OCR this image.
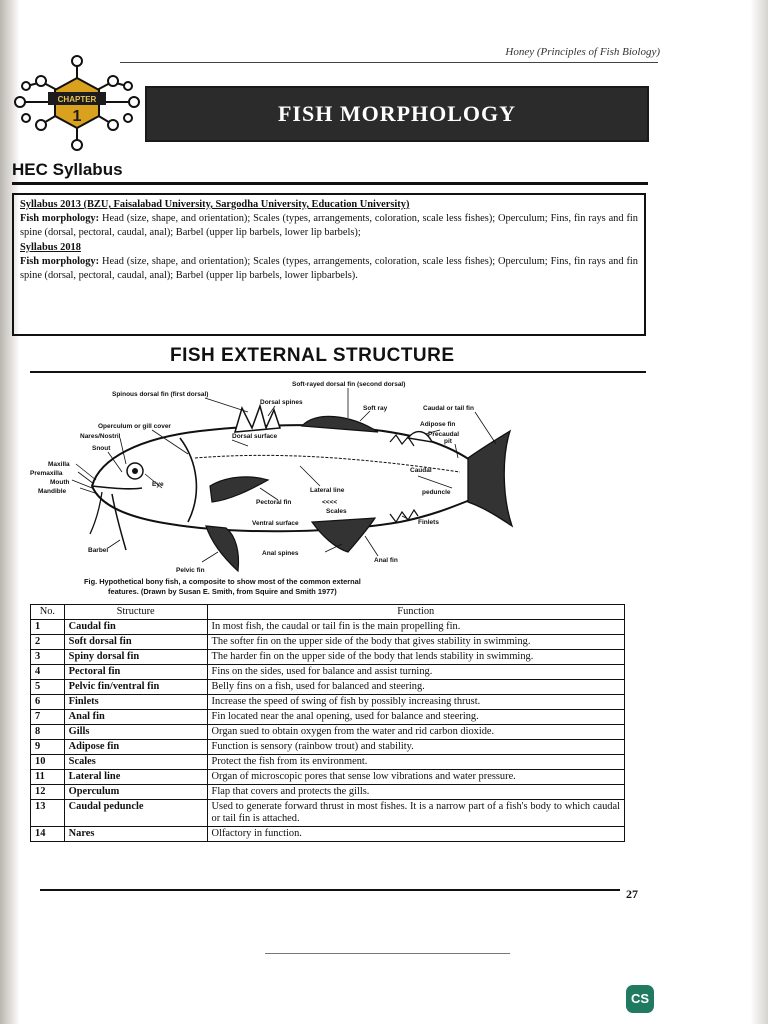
Honey (Principles of Fish Biology)
CHAPTER
1	FISH MORPHOLOGY
HEC Syllabus

Syllabus 2013 (BZU, Faisalabad University, Sargodha University, Education University)

Fish morphology: Head (size, shape, and orientation); Scales (types, arrangements, coloration, scale less fishes); Operculum; Fins, fin rays and fin spine (dorsal, pectoral, caudal, anal); Barbel (upper lip barbels, lower lip barbels);

Syllabus 2018

Fish morphology: Head (size, shape, and orientation); Scales (types, arrangements, coloration, scale less fishes); Operculum; Fins, fin rays and fin spine (dorsal, pectoral, caudal, anal); Barbel (upper lip barbels, lower lipbarbels).

FISH EXTERNAL STRUCTURE
Spinous dorsal fin (first dorsal)
Soft-rayed dorsal fin (second dorsal)
Dorsal spines
Soft ray	Caudal or tail fin
Operculum or gill cover
Nares/Nostril
Snout
Dorsal surface
Adipose fin
Precaudal
pit
Maxilla
Premaxilla
Mouth
Mandible
Eye
Lateral line
Caudal
peduncle
Pectoral fin	<<<<
Scales
Ventral surface	Finlets
Barbel	Anal spines
Anal fin
Pelvic fin
Fig. Hypothetical bony fish, a composite to show most of the common external
features. (Drawn by Susan E. Smith, from Squire and Smith 1977)
No.	Structure	Function
1	Caudal fin	In most fish, the caudal or tail fin is the main propelling fin.
2	Soft dorsal fin	The softer fin on the upper side of the body that gives stability in swimming.
3	Spiny dorsal fin	The harder fin on the upper side of the body that lends stability in swimming.
4	Pectoral fin	Fins on the sides, used for balance and assist turning.
5	Pelvic fin/ventral fin	Belly fins on a fish, used for balanced and steering.
6	Finlets	Increase the speed of swing of fish by possibly increasing thrust.
7	Anal fin	Fin located near the anal opening, used for balance and steering.
8	Gills	Organ sued to obtain oxygen from the water and rid carbon dioxide.
9	Adipose fin	Function is sensory (rainbow trout) and stability.
10	Scales	Protect the fish from its environment.
11	Lateral line	Organ of microscopic pores that sense low vibrations and water pressure.
12	Operculum	Flap that covers and protects the gills.
13	Caudal peduncle	Used to generate forward thrust in most fishes. It is a narrow part of a fish's body to which caudal or tail fin is attached.
14	Nares	Olfactory in function.
27
CS
